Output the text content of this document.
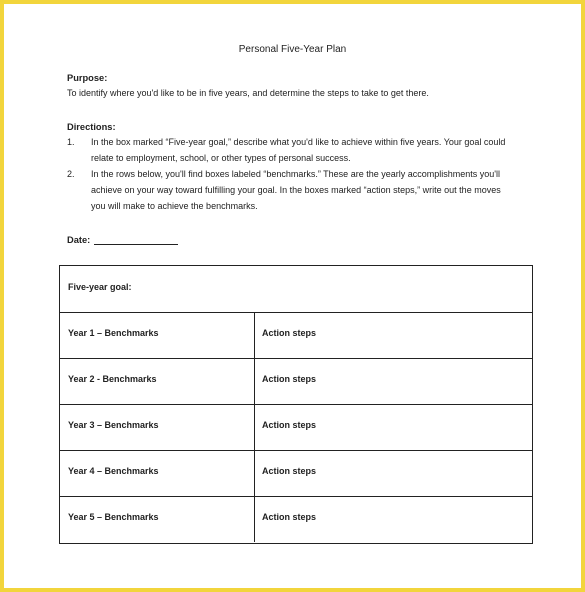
Personal Five-Year Plan
Purpose:
To identify where you'd like to be in five years, and determine the steps to take to get there.
Directions:
1. In the box marked “Five-year goal,” describe what you'd like to achieve within five years. Your goal could
relate to employment, school, or other types of personal success.
2. In the rows below, you'll find boxes labeled “benchmarks.” These are the yearly accomplishments you'll
achieve on your way toward fulfilling your goal. In the boxes marked “action steps,” write out the moves
you will make to achieve the benchmarks.
Date:
Five-year goal:
Year 1 – Benchmarks	Action steps
Year 2 - Benchmarks	Action steps
Year 3 – Benchmarks	Action steps
Year 4 – Benchmarks	Action steps
Year 5 – Benchmarks	Action steps
